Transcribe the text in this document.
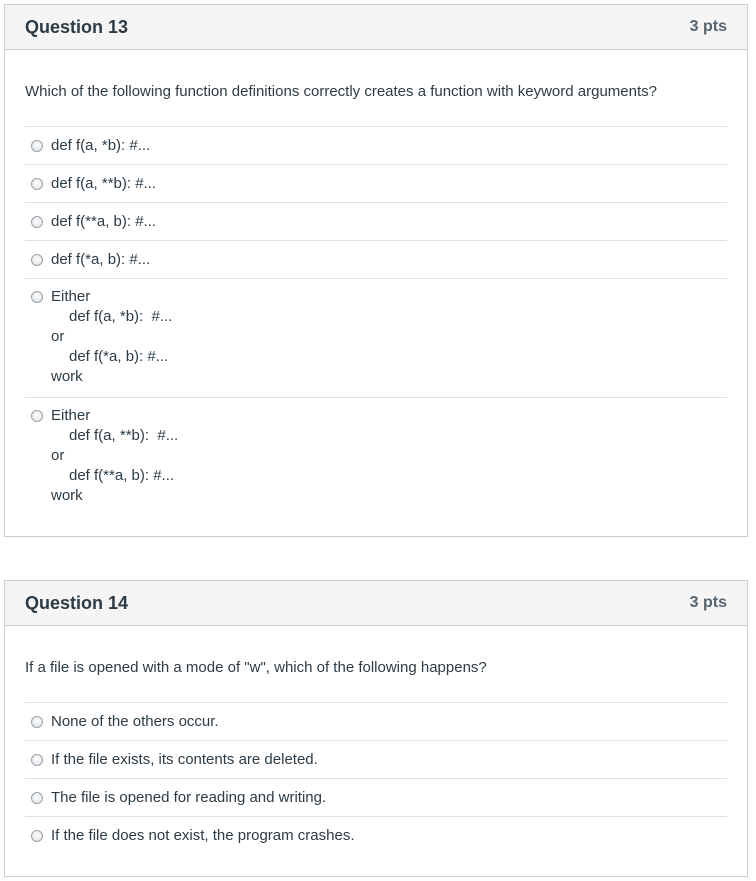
Question 13	3 pts
Which of the following function definitions correctly creates a function with keyword arguments?
def f(a, *b): #...
def f(a, **b): #...
def f(**a, b): #...
def f(*a, b): #...
Either
def f(a, *b):  #...
or
def f(*a, b): #...
work
Either
def f(a, **b):  #...
or
def f(**a, b): #...
work
Question 14	3 pts
If a file is opened with a mode of "w", which of the following happens?
None of the others occur.
If the file exists, its contents are deleted.
The file is opened for reading and writing.
If the file does not exist, the program crashes.
